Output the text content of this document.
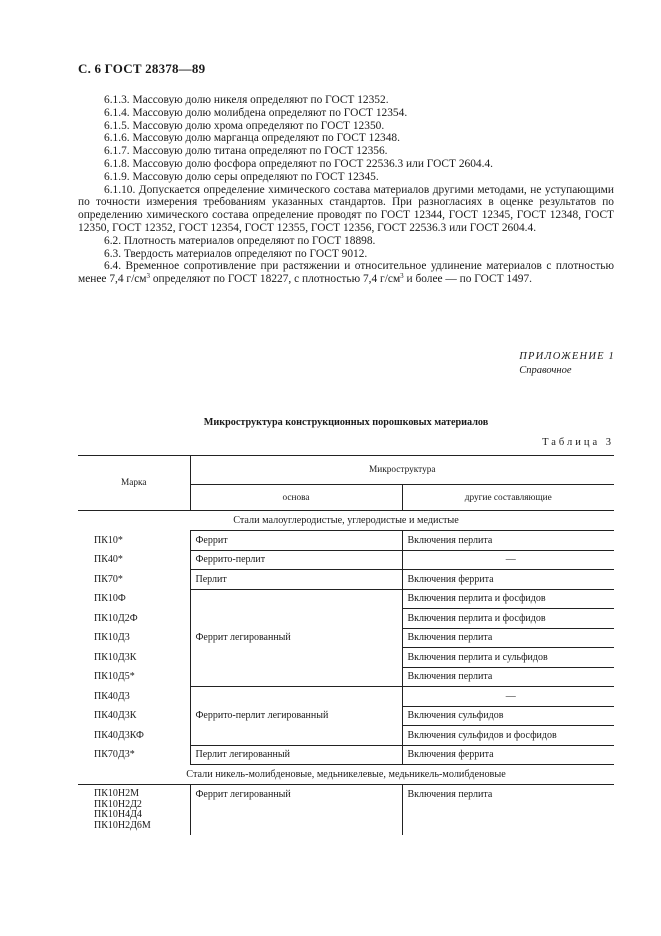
С. 6 ГОСТ 28378—89

6.1.3. Массовую долю никеля определяют по ГОСТ 12352.

6.1.4. Массовую долю молибдена определяют по ГОСТ 12354.

6.1.5. Массовую долю хрома определяют по ГОСТ 12350.

6.1.6. Массовую долю марганца определяют по ГОСТ 12348.

6.1.7. Массовую долю титана определяют по ГОСТ 12356.

6.1.8. Массовую долю фосфора определяют по ГОСТ 22536.3 или ГОСТ 2604.4.

6.1.9. Массовую долю серы определяют по ГОСТ 12345.

6.1.10. Допускается определение химического состава материалов другими методами, не уступающими по точности измерения требованиям указанных стандартов. При разногласиях в оценке результатов по определению химического состава определение проводят по ГОСТ 12344, ГОСТ 12345, ГОСТ 12348, ГОСТ 12350, ГОСТ 12352, ГОСТ 12354, ГОСТ 12355, ГОСТ 12356, ГОСТ 22536.3 или ГОСТ 2604.4.

6.2. Плотность материалов определяют по ГОСТ 18898.

6.3. Твердость материалов определяют по ГОСТ 9012.

6.4. Временное сопротивление при растяжении и относительное удлинение материалов с плотностью менее 7,4 $г/см^3$ определяют по ГОСТ 18227, с плотностью 7,4 $г/см^3$ и более — по ГОСТ 1497.

ПРИЛОЖЕНИЕ 1
Справочное
Микроструктура конструкционных порошковых материалов
Таблица 3
Марка	Микроструктура	
	основа	другие составляющие
Стали малоуглеродистые, углеродистые и медистые		
ПК10*	Феррит	Включения перлита
ПК40*	Феррито-перлит	—
ПК70*	Перлит	Включения феррита
ПК10Ф	Феррит легированный	Включения перлита и фосфидов
ПК10Д2Ф		Включения перлита и фосфидов
ПК10Д3		Включения перлита
ПК10Д3К		Включения перлита и сульфидов
ПК10Д5*		Включения перлита
ПК40Д3	Феррито-перлит легированный	—
ПК40Д3К		Включения сульфидов
ПК40Д3КФ		Включения сульфидов и фосфидов
ПК70Д3*	Перлит легированный	Включения феррита
Стали никель-молибденовые, медьникелевые, медьникель-молибденовые		

ПК10Н2М
ПК10Н2Д2
ПК10Н4Д4
ПК10Н2Д6М	Феррит легированный	Включения перлита
